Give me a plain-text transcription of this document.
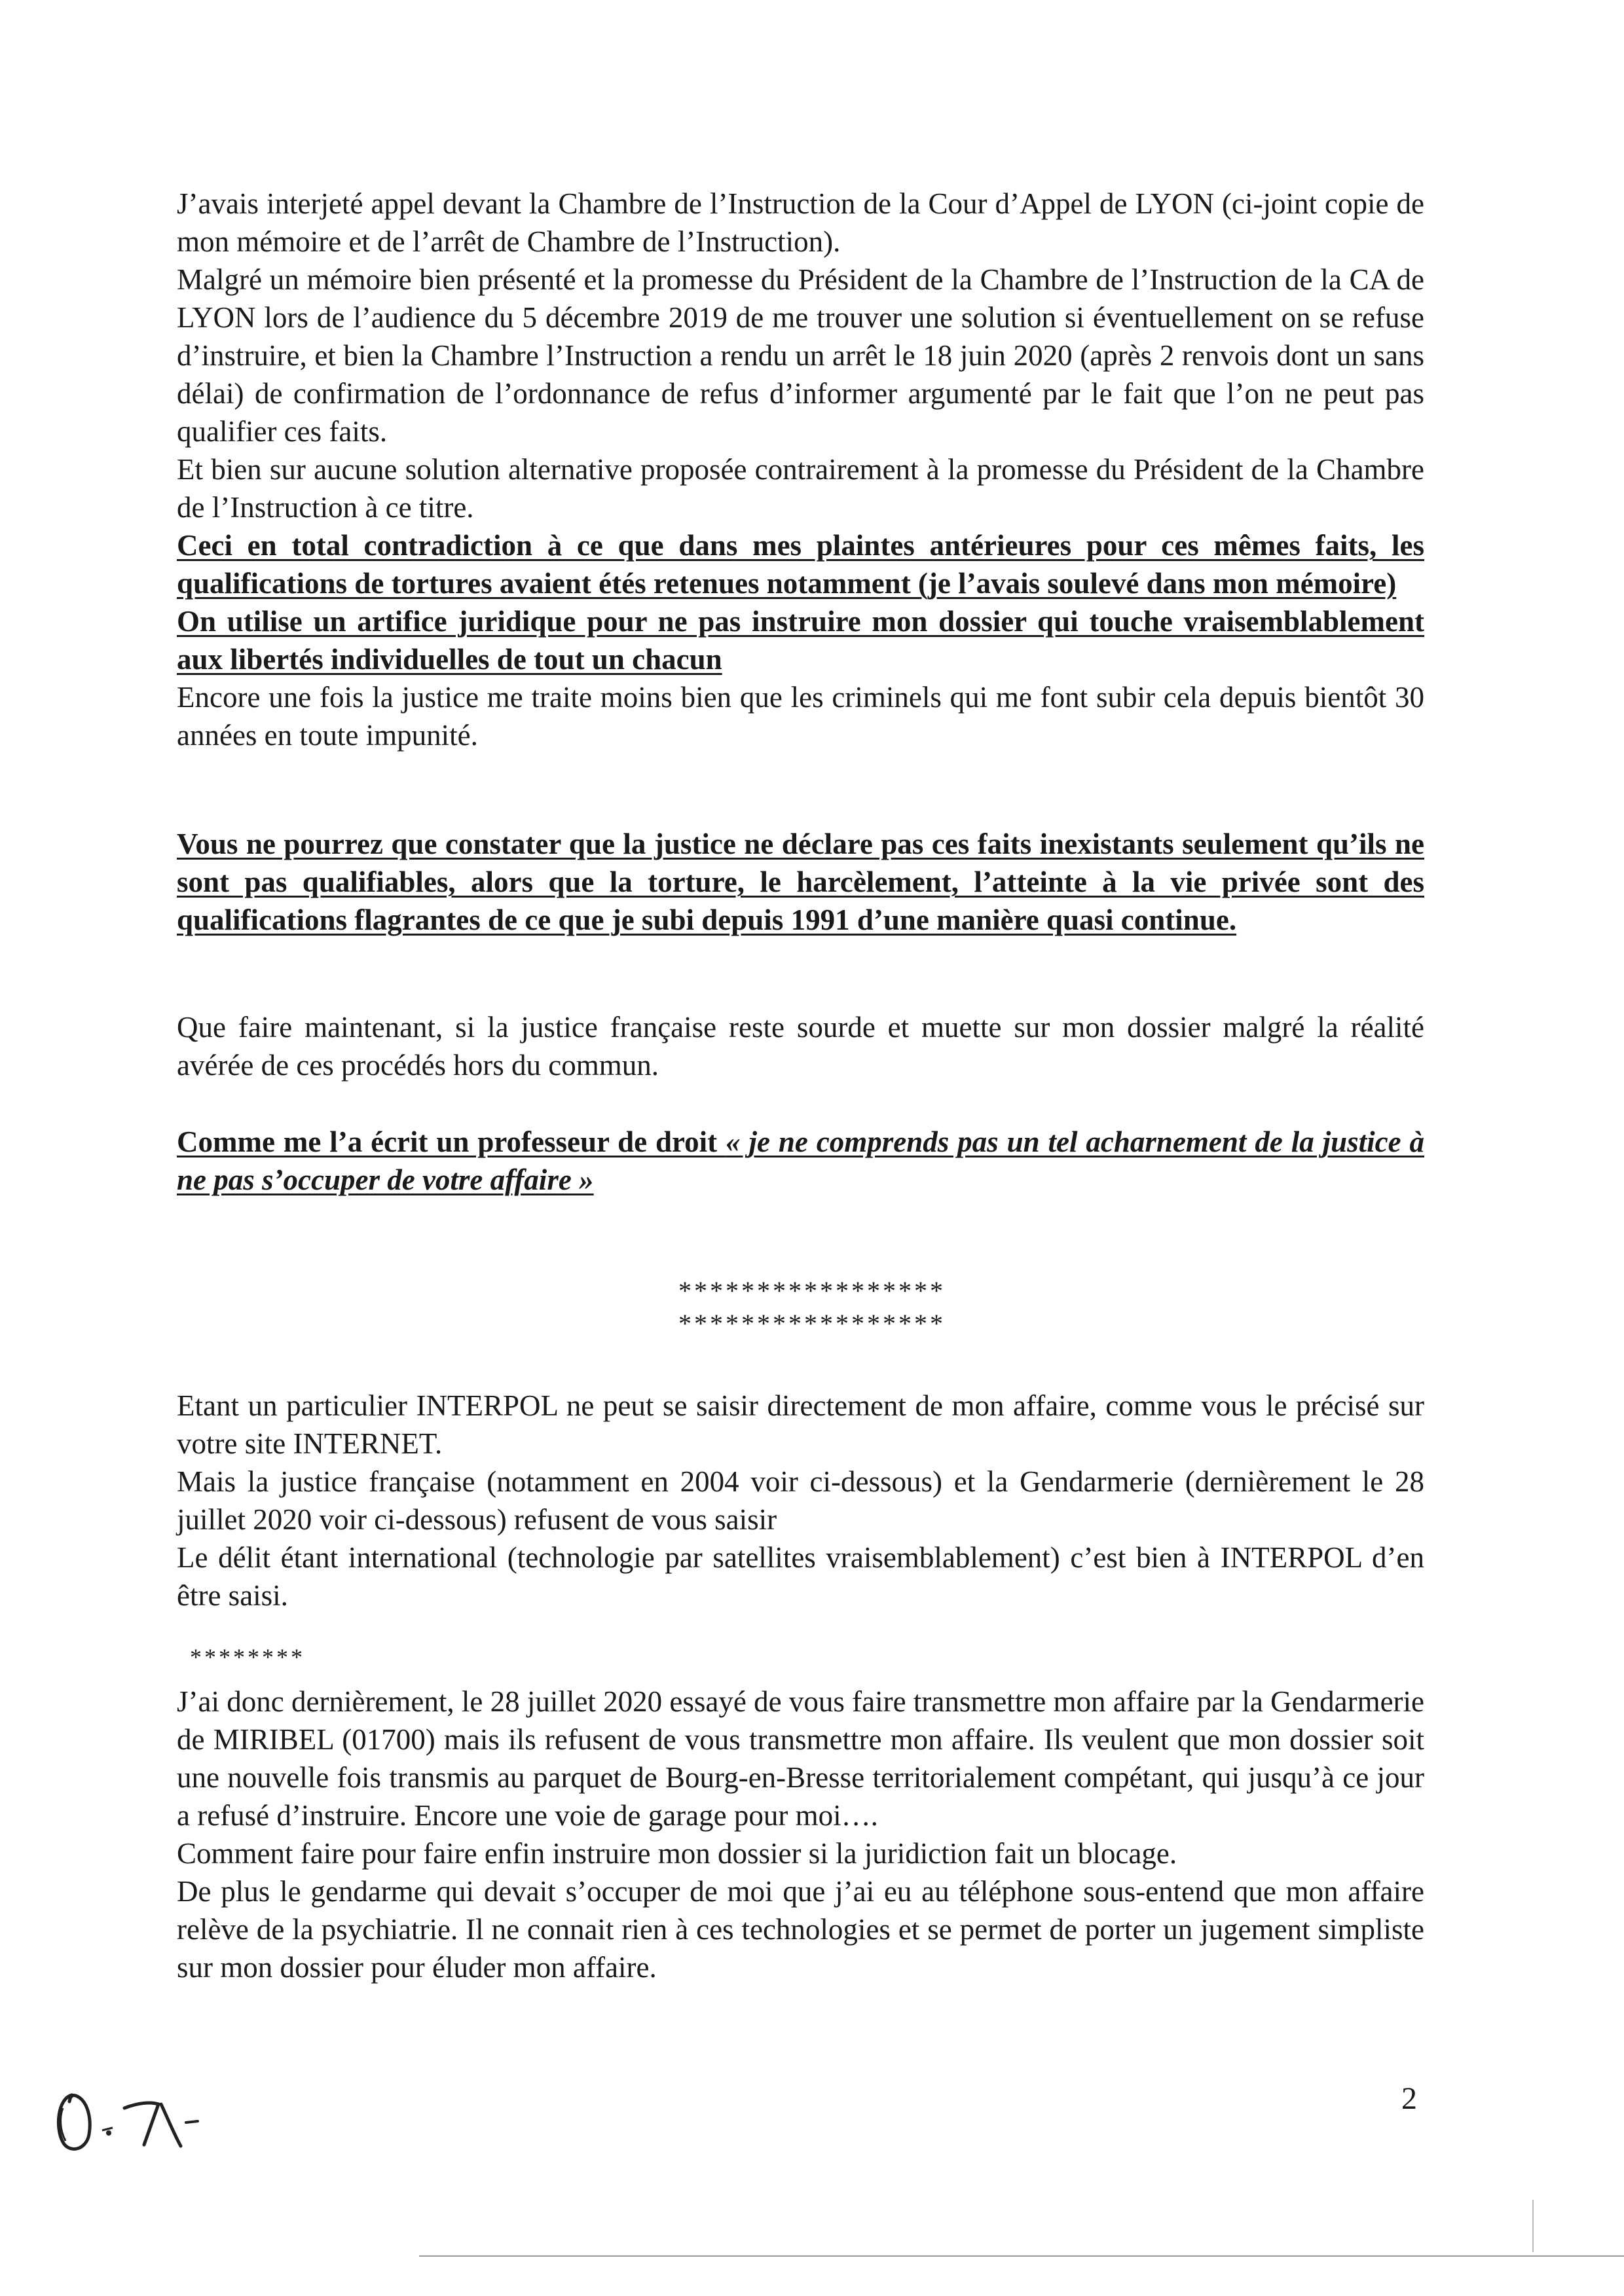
J’avais interjeté appel devant la Chambre de l’Instruction de la Cour d’Appel de LYON (ci-joint copie de mon mémoire et de l’arrêt de Chambre de l’Instruction).

Malgré un mémoire bien présenté et la promesse du Président de la Chambre de l’Instruction de la CA de LYON lors de l’audience du 5 décembre 2019 de me trouver une solution si éventuellement on se refuse d’instruire, et bien la Chambre l’Instruction a rendu un arrêt le 18 juin 2020 (après 2 renvois dont un sans délai) de confirmation de l’ordonnance de refus d’informer argumenté par le fait que l’on ne peut pas qualifier ces faits.

Et bien sur aucune solution alternative proposée contrairement à la promesse du Président de la Chambre de l’Instruction à ce titre.

Ceci en total contradiction à ce que dans mes plaintes antérieures pour ces mêmes faits, les qualifications de tortures avaient étés retenues notamment (je l’avais soulevé dans mon mémoire)

On utilise un artifice juridique pour ne pas instruire mon dossier qui touche vraisemblablement aux libertés individuelles de tout un chacun

Encore une fois la justice me traite moins bien que les criminels qui me font subir cela depuis bientôt 30 années en toute impunité.

Vous ne pourrez que constater que la justice ne déclare pas ces faits inexistants seulement qu’ils ne sont pas qualifiables, alors que la torture, le harcèlement, l’atteinte à la vie privée sont des qualifications flagrantes de ce que je subi depuis 1991 d’une manière quasi continue.

Que faire maintenant, si la justice française reste sourde et muette sur mon dossier malgré la réalité avérée de ces procédés hors du commun.

Comme me l’a écrit un professeur de droit « je ne comprends pas un tel acharnement de la justice à ne pas s’occuper de votre affaire »

*****************
*****************

Etant un particulier INTERPOL ne peut se saisir directement de mon affaire, comme vous le précisé sur votre site INTERNET.

Mais la justice française (notamment en 2004 voir ci-dessous) et la Gendarmerie (dernièrement le 28 juillet 2020 voir ci-dessous) refusent de vous saisir

Le délit étant international (technologie par satellites vraisemblablement) c’est bien à INTERPOL d’en être saisi.

********

J’ai donc dernièrement, le 28 juillet 2020 essayé de vous faire transmettre mon affaire par la Gendarmerie de MIRIBEL (01700) mais ils refusent de vous transmettre mon affaire. Ils veulent que mon dossier soit une nouvelle fois transmis au parquet de Bourg-en-Bresse territorialement compétant, qui jusqu’à ce jour a refusé d’instruire. Encore une voie de garage pour moi….

Comment faire pour faire enfin instruire mon dossier si la juridiction fait un blocage.

De plus le gendarme qui devait s’occuper de moi que j’ai eu au téléphone sous-entend que mon affaire relève de la psychiatrie. Il ne connait rien à ces technologies et se permet de porter un jugement simpliste sur mon dossier pour éluder mon affaire.

2
